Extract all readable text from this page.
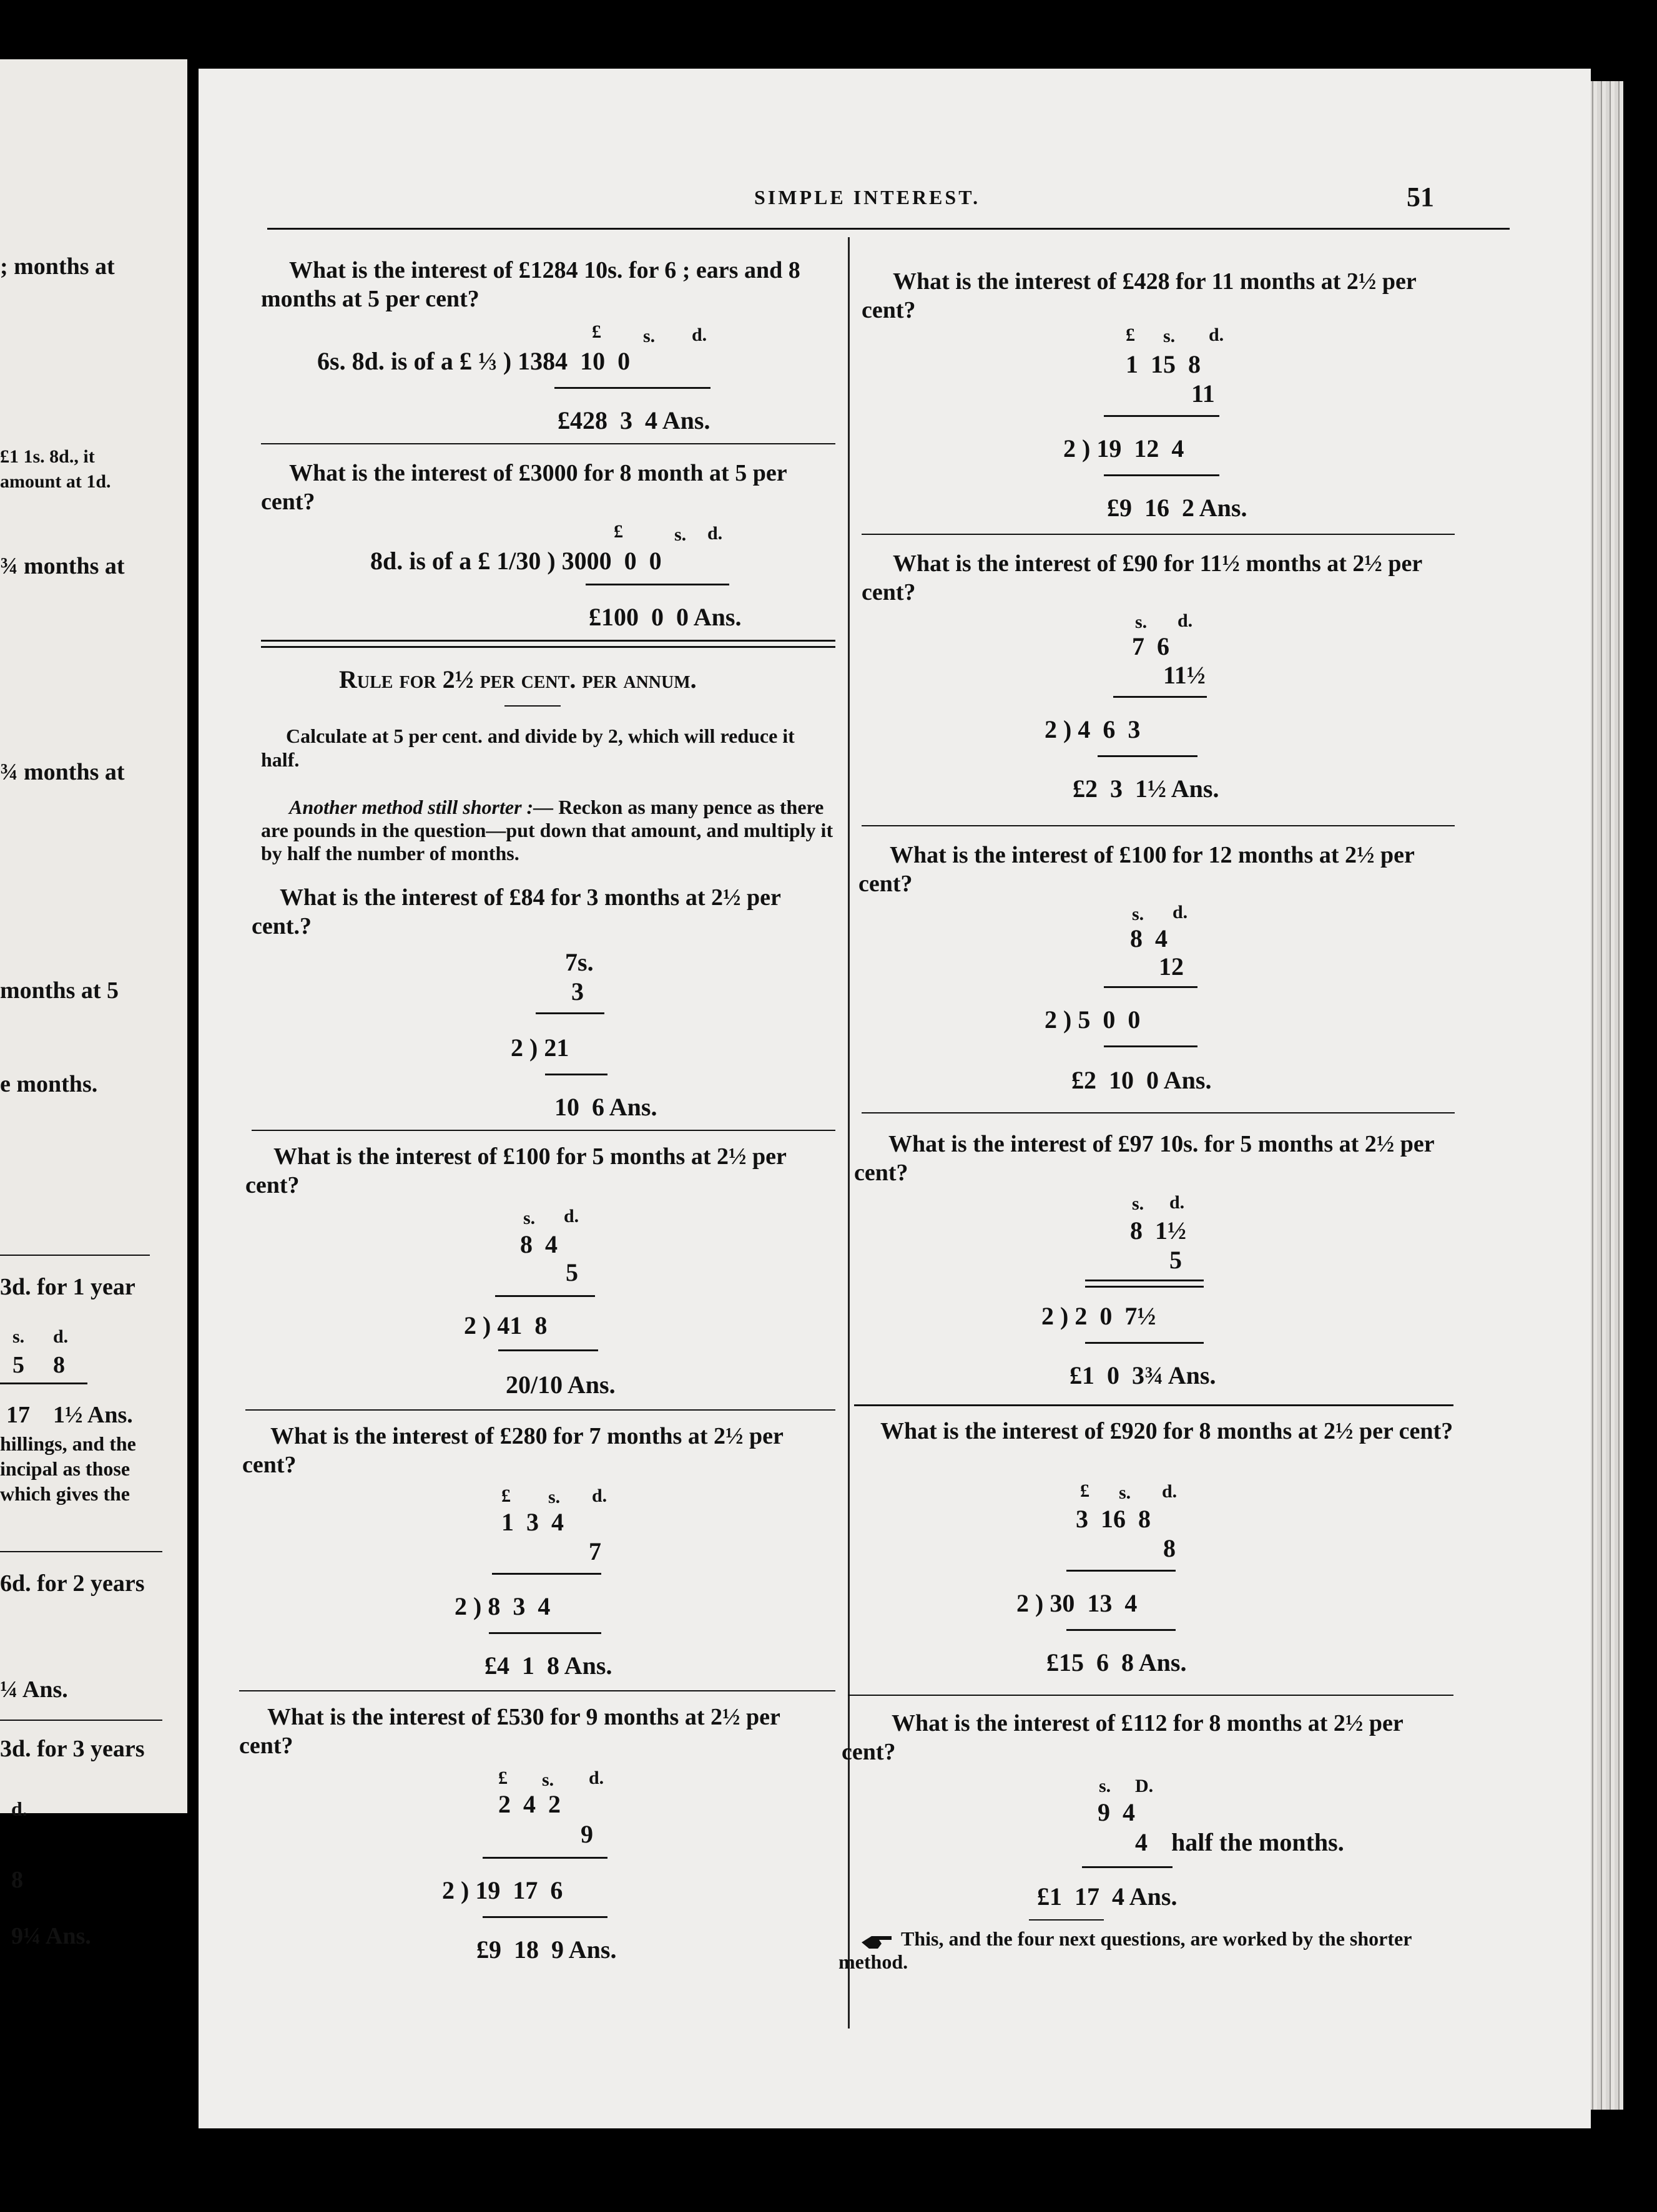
; months at
£1 1s. 8d., it
amount at 1d.
¾ months at
¾ months at
months at 5
e months.
3d. for 1 year
s. d.
5 8
17 1½ Ans.
hillings, and the
incipal as those
which gives the
6d. for 2 years
¼ Ans.
3d. for 3 years
d.
8
9¼ Ans.
SIMPLE INTEREST.	51
What is the interest of £1284 10s. for 6 ; ears and 8 months at 5 per cent?
£ s. d.
6s. 8d. is of a £ ⅓ ) 1384  10  0
£428  3  4 Ans.
What is the interest of £3000 for 8 month at 5 per cent?
£	s. d.
8d. is of a £ 1/30 ) 3000  0  0
£100  0  0 Ans.
Rule for 2½ per cent. per annum.
Calculate at 5 per cent. and divide by 2, which will reduce it half.
Another method still shorter :— Reckon as many pence as there are pounds in the question—put down that amount, and multiply it by half the number of months.
What is the interest of £84 for 3 months at 2½ per cent.?
7s.
3
2 ) 21
10  6 Ans.
What is the interest of £100 for 5 months at 2½ per cent?
s. d.
8  4
5
2 ) 41  8
20/10 Ans.
What is the interest of £280 for 7 months at 2½ per cent?
£ s. d.
1  3  4
7
2 ) 8  3  4
£4  1  8 Ans.
What is the interest of £530 for 9 months at 2½ per cent?
£ s. d.
2  4  2
9
2 ) 19  17  6
£9  18  9 Ans.
What is the interest of £428 for 11 months at 2½ per cent?
£ s. d.
1  15  8
11
2 ) 19  12  4
£9  16  2 Ans.
What is the interest of £90 for 11½ months at 2½ per cent?
s. d.
7  6
11½
2 ) 4  6  3
£2  3  1½ Ans.
What is the interest of £100 for 12 months at 2½ per cent?
s. d.
8  4
12
2 ) 5  0  0
£2  10  0 Ans.
What is the interest of £97 10s. for 5 months at 2½ per cent?
s. d.
8  1½
5
2 ) 2  0  7½
£1  0  3¾ Ans.
What is the interest of £920 for 8 months at 2½ per cent?
£ s. d.
3  16  8
8
2 ) 30  13  4
£15  6  8 Ans.
What is the interest of £112 for 8 months at 2½ per cent?
s. D.
9  4
4 half the months.
£1  17  4 Ans.
This, and the four next questions, are worked by the shorter method.
